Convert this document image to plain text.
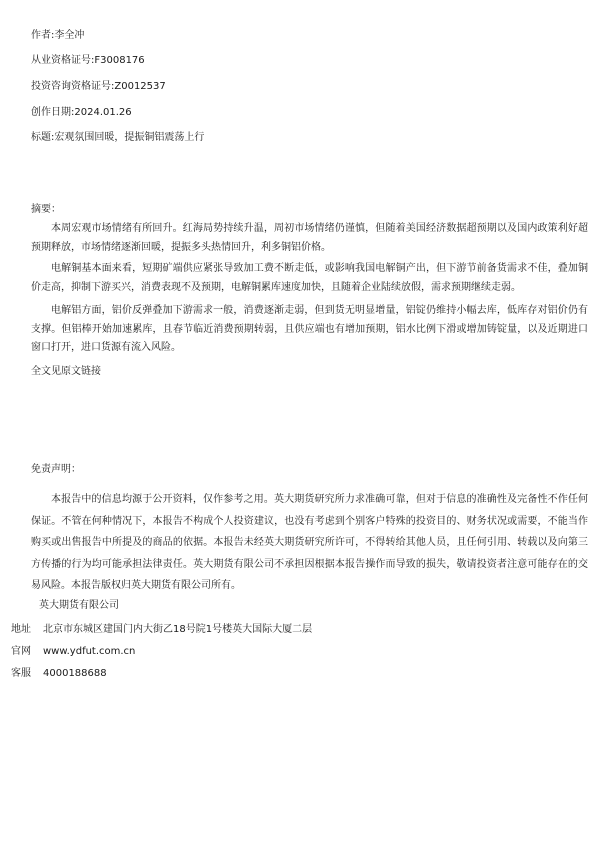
作者:李全冲

从业资格证号:F3008176

投资咨询资格证号:Z0012537

创作日期:2024.01.26

标题:宏观氛围回暖，提振铜铝震荡上行

摘要：

本周宏观市场情绪有所回升。红海局势持续升温，周初市场情绪仍谨慎，但随着美国经济数据超预期以及国内政策利好超预期释放，市场情绪逐渐回暖，提振多头热情回升，利多铜铝价格。

电解铜基本面来看，短期矿端供应紧张导致加工费不断走低，或影响我国电解铜产出，但下游节前备货需求不佳，叠加铜价走高，抑制下游买兴，消费表现不及预期，电解铜累库速度加快，且随着企业陆续放假，需求预期继续走弱。

电解铝方面，铝价反弹叠加下游需求一般，消费逐渐走弱，但到货无明显增量，铝锭仍维持小幅去库，低库存对铝价仍有支撑。但铝棒开始加速累库，且春节临近消费预期转弱，且供应端也有增加预期，铝水比例下滑或增加铸锭量，以及近期进口窗口打开，进口货源有流入风险。

全文见原文链接

免责声明：

本报告中的信息均源于公开资料，仅作参考之用。英大期货研究所力求准确可靠，但对于信息的准确性及完备性不作任何保证。不管在何种情况下，本报告不构成个人投资建议，也没有考虑到个别客户特殊的投资目的、财务状况或需要，不能当作购买或出售报告中所提及的商品的依据。本报告未经英大期货研究所许可，不得转给其他人员，且任何引用、转载以及向第三方传播的行为均可能承担法律责任。英大期货有限公司不承担因根据本报告操作而导致的损失，敬请投资者注意可能存在的交易风险。本报告版权归英大期货有限公司所有。

英大期货有限公司

地址 北京市东城区建国门内大街乙18号院1号楼英大国际大厦二层

官网 www.ydfut.com.cn

客服 4000188688
